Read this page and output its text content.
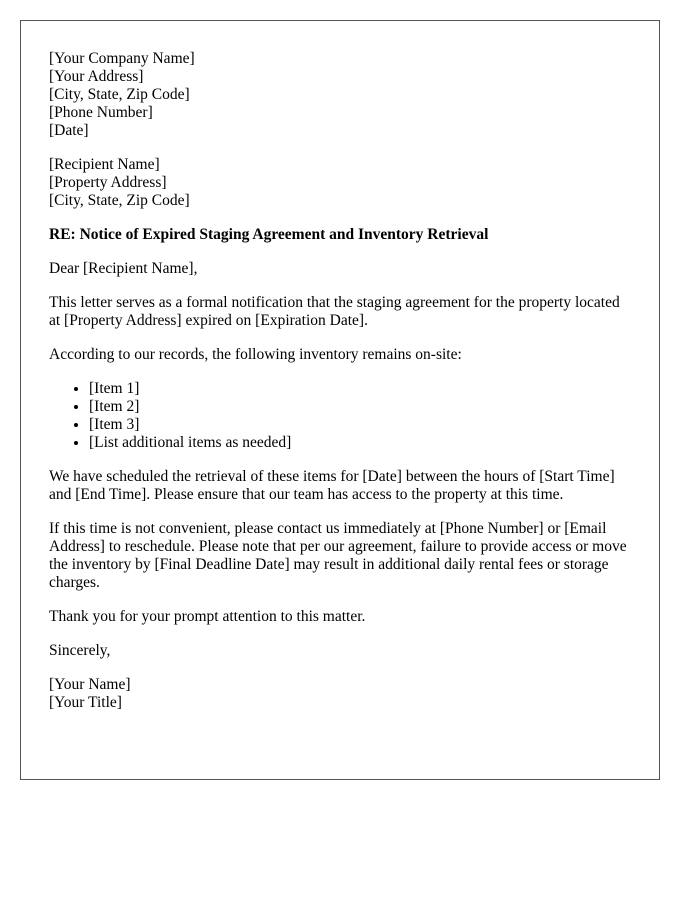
[Your Company Name]

[Your Address]

[City, State, Zip Code]

[Phone Number]

[Date]

[Recipient Name]

[Property Address]

[City, State, Zip Code]

RE: Notice of Expired Staging Agreement and Inventory Retrieval

Dear [Recipient Name],

This letter serves as a formal notification that the staging agreement for the property located at [Property Address] expired on [Expiration Date].

According to our records, the following inventory remains on-site:

• [Item 1]
• [Item 2]
• [Item 3]
• [List additional items as needed]

We have scheduled the retrieval of these items for [Date] between the hours of [Start Time] and [End Time]. Please ensure that our team has access to the property at this time.

If this time is not convenient, please contact us immediately at [Phone Number] or [Email Address] to reschedule. Please note that per our agreement, failure to provide access or move the inventory by [Final Deadline Date] may result in additional daily rental fees or storage charges.

Thank you for your prompt attention to this matter.

Sincerely,

[Your Name]

[Your Title]
